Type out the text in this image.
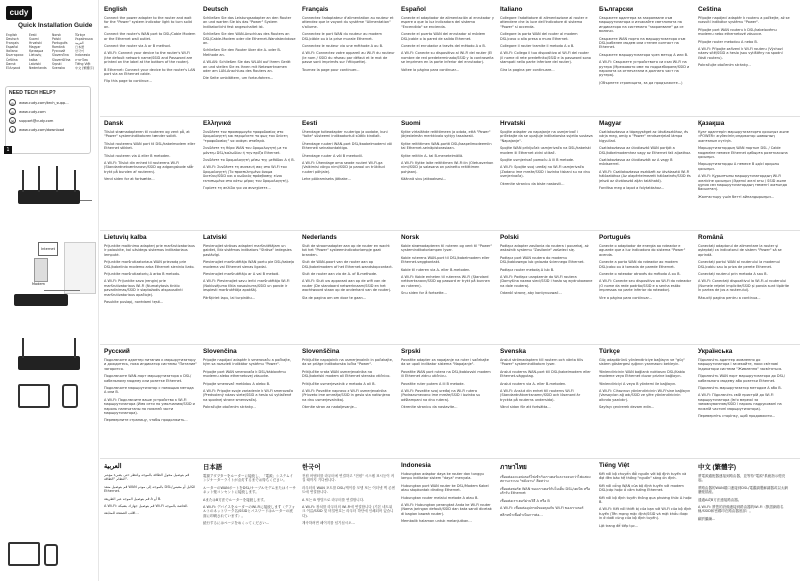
cudy
Quick Installation Guide
English
Deutsch
Français
Español
Italiano
Български
Čeština
Dansk
Ελληνικά
Eesti
Suomi
Hrvatski
Magyar
Қазақша
Lietuvių kalba
Latviski
Nederlands
Norsk
Polski
Português
Română
Русский
Slovenčina
Slovenščina
Srpski
Svenska
Türkçe
Українська
العربية
日本語
한국어
Indonesia
ภาษาไทย
Tiếng Việt
中文 (繁體字)
NEED TECH HELP?
◎	www.cudy.com/tech_supp...
◎	www.cudy.com
✉	support@cudy.com
↓	www.cudy.com/download
1
Internet
Modem
English

Connect the power adapter to the router and wait for the "Power" system indicator light to turn solid on.

Connect the router's WAN port to DSL/Cable Modem or the Ethernet wall outlet.

Connect the router via A or B method.

A Wi-Fi: Connect your device to the router's Wi-Fi (the default network name/SSID and Password are printed on the label at the bottom of the router).

B Ethernet: Connect your device to the router's LAN port via an Ethernet cable.

Flip this page to continue...

Deutsch

Schließen Sie das Leistungsadapter an den Router an und warten Sie bis das "Power" System Indikatorlicht fest angeschaltet ist.

Schließen Sie den WAN-Anschluss des Routers an DSL/Cable-Modem oder die Ethernet-Wandsteckdose an.

Schließen Sie den Router über die A- oder B-Methode an.

A WLAN: Schließen Sie das WLAN auf Ihrem Gerät an und stellen Sie es Ihnen mit Netzwerknamen oder am LAN-Anschluss des Routers an.

Die Seite umblättern, um fortzufahren...

Français

Connectez l'adaptateur d'alimentation au routeur et attendez que le voyant du système "Alimentation" s'allume.

Connectez le port WAN du routeur au modem DSL/câble ou à la prise murale Ethernet.

Connectez le routeur via une méthode A ou B.

A Wi-Fi: Connectez votre appareil au Wi-Fi du routeur (le nom / SSID du réseau par défaut et le mot de passe sont imprimés sur l'étiquette).

Tournez la page pour continuer...

Español

Conecte el adaptador de alimentación al enrutador y espere a que la luz indicadora del sistema "Encendido" se encienda.

Conecte el puerto WAN del enrutador al módem DSL/cable o la pared de salida Ethernet.

Conecte el enrutador a través del método A o B.

A Wi-Fi: Conecte su dispositivo al Wi-Fi del router (El nombre de red predeterminado/SSID y la contraseña se imprimen en la parte inferior del enrutador).

Voltee la página para continuar...

Italiano

Collegare l'adattatore di alimentazione al router e attendere che la luce dell'indicatore di sistema "Power" si accenda.

Collegare la porta WAN del router al modem DSL/cavo o alla presa a muro Ethernet.

Collegare il router tramite il metodo A o B.

A Wi-Fi: Collega il tuo dispositivo al Wi-Fi del router (il nome di rete predefinito/SSID e la password sono stampati nella parte inferiore del router).

Gira la pagina per continuare...

Български

Свържете адаптера за захранване към маршрутизатора и изчакайте светлината на индикатора на системата "захранване" да се включи.

Свържете WAN порта на маршрутизатора към DSL/кабелен модем или стенен контакт на Ethernet.

Свържете маршрутизатора чрез метод A или B.

A Wi-Fi: Свържете устройството си към Wi-Fi на рутера (Мрежовото име по подразбиране/SSID и паролата са отпечатани в долната част на рутера).

(Обърнете страницата, за да продължите...)

Čeština

Připojte napájecí adaptér k routeru a počkejte, až se rozsvítí indikátor systému "Power".

Připojte port WAN routeru k DSL/kabelovému modemu nebo ethernetové zásuvce.

Připojte router metodou A nebo B.

A Wi-Fi: Připojte zařízení k Wi-Fi routeru (Výchozí název sítě/SSID a heslo jsou vytištěny na spodní části routeru).

Pokračujte otočením stránky...

Dansk

Tilslut strømadapteren til routeren og vent på, at "Power" systemindikatoren tænder solidt.

Tilslut routerens WAN port til DSL/kabelmodem eller Ethernet stikket.

Tilslut routeren via A eller B metoden.

A Wi-Fi: Tilslut din enhed til routerens Wi-Fi (Standardnetværksnavn/SSID og adgangskode står trykt på bunden af routeren).

Vend siden for at fortsætte...

Ελληνικά

Συνδέστε τον προσαρμογέα τροφοδοσίας στο δρομολογητή και περιμένετε το φως του δείκτη "τροφοδοσίας" να ανάψει σταθερά.

Συνδέστε τη θύρα WAN του δρομολογητή με το μόντεμ DSL/καλωδίου ή την πρίζα Ethernet.

Συνδέστε το δρομολογητή μέσω της μεθόδου A ή B.

A Wi-Fi: Συνδέστε τη συσκευή σας στο Wi-Fi του δρομολογητή (Το προεπιλεγμένο όνομα δικτύου/SSID και ο κωδικός πρόσβασης είναι εκτυπωμένα στο κάτω μέρος του δρομολογητή).

Γυρίστε τη σελίδα για να συνεχίσετε...

Eesti

Ühendage toiteadapter ruuteriga ja oodake, kuni "toite" süsteemi indikaatortuli süttib kindlalt.

Ühendage ruuteri WAN-port DSL/kaabelmodemi või Etherneti seinakontaktiga.

Ühendage ruuter A või B meetodil.

A Wi-Fi: Ühendage oma seade ruuteri Wi-Fi-ga (Vaikimisi võrgu nimi/SSID ja parool on trükitud ruuteri põhjale).

Lehe pööramiseks jätkake...

Suomi

Kytke virtalähde reitittimeen ja odota, että "Power" järjestelmän merkkivalo syttyy tasaisesti.

Kytke reitittimen WAN-portti DSL/kaapelimodeemiin tai Ethernet-seinäpistorasiaan.

Kytke reititin A- tai B-menetelmällä.

A Wi-Fi: Kytke laite reitittimen Wi-Fi:iin (Oletusverkon nimi/SSID ja salasana on painettu reitittimen pohjaan).

Käännä sivu jatkaaksesi...

Hrvatski

Spojite adapter za napajanje na usmjerivač i pričekajte da se upaljuje indikatorska svjetla sustava "Napajanje".

Spojite WAN priključak usmjerivača na DSL/kabelski modem ili Ethernet zidni utikač.

Spojite usmjerivač pomoću A ili B metode.

A Wi-Fi: Spojite svoj uređaj na Wi-Fi usmjerivača (Zadano ime mreže/SSID i lozinka tiskani su na dnu usmjerivača).

Okrenite stranicu da biste nastavili...

Magyar

Csatlakoztassa a tápegységet az útválasztóhoz, és várja meg, amíg a "Power" rendszerjelző lámpa kigyullad.

Csatlakoztassa az útválasztó WAN portját a DSL/kábelmodemhez vagy az Ethernet fali aljzathoz.

Csatlakoztassa az útválasztót az A vagy B módszerrel.

A Wi-Fi: Csatlakoztassa eszközét az útválasztó Wi-Fi hálózatához (Az alapértelmezett hálózatnév/SSID és jelszó az útválasztó alján található).

Fordítsa meg a lapot a folytatáshoz...

Қазақша

Қуат адаптерін маршрутизаторға қосыңыз және «POWER» жүйесінің индикатор шамының жанғанын күтіңіз.

Маршрутизатордың WAN портын DSL / Cable модеміне немесе Ethernet қабырға розеткасына қосыңыз.

Маршрутизаторды A немесе B әдісі арқылы қосыңыз.

A Wi-Fi: Құрылғыны маршрутизатордың Wi-Fi желісіне қосыңыз (Әдепкі желі аты / SSID және құпия сөз маршрутизатордың төменгі жағында басылған).

Жалғастыру үшін бетті айналдырыңыз...

Lietuvių kalba

Prijunkite maitinimo adapterį prie maršrutizatoriaus ir palaukite, kol užsidegs sistemos indikatoriaus lemputė.

Prijunkite maršrutizatoriaus WAN prievadą prie DSL/kabelinio modemo arba Ethernet sieninio lizdo.

Prijunkite maršrutizatorių A arba B metodu.

A Wi-Fi: Prijunkite savo įrenginį prie maršrutizatoriaus Wi-Fi (Numatytasis tinklo pavadinimas/SSID ir slaptažodis atspausdinti maršrutizatoriaus apačioje).

Pasukite puslapį, norėdami tęsti...

Latviski

Pievienojiet strāvas adapteri maršrutētājam un gaidiet, līdz sistēmas indikators "Strāva" iedegsies pastāvīgi.

Pievienojiet maršrutētāja WAN portu pie DSL/kabeļa modema vai Ethernet sienas ligzdai.

Pievienojiet maršrutētāju ar A vai B metodi.

A Wi-Fi: Pievienojiet savu ierīci maršrutētāja Wi-Fi (Noklusējuma tīkla nosaukums/SSID un parole ir iespiesti maršrutētāja apakšā).

Pāršķiriet lapu, lai turpinātu...

Nederlands

Sluit de stroomadapter aan op de router en wacht tot het "Power" systeemindicatorlampje gaat branden.

Sluit de WAN-poort van de router aan op DSL/kabelmodem of het Ethernet-wandstopcontact.

Sluit de router aan via de A- of B-methode.

A Wi-Fi: Sluit uw apparaat aan op de wifi van de router (De standaard netwerknaam/SSID en het wachtwoord staan op de onderkant van de router).

Sla de pagina om om door te gaan...

Norsk

Koble strømadapteren til ruteren og vent til "Power" systemindikatorlampen lyser.

Koble ruterens WAN-port til DSL/kabelmodem eller Ethernet-veggkontakt.

Koble til ruteren via A- eller B-metoden.

A Wi-Fi: Koble enheten til ruterens Wi-Fi (Standard nettverksnavn/SSID og passord er trykt på bunnen av ruteren).

Snu siden for å fortsette...

Polski

Podłącz adapter zasilania do routera i poczekaj, aż wskaźnik systemu "Zasilanie" zaświeci się.

Podłącz port WAN routera do modemu DSL/kablowego lub gniazda ściennego Ethernet.

Podłącz router metodą A lub B.

A Wi-Fi: Podłącz urządzenie do Wi-Fi routera (Domyślna nazwa sieci/SSID i hasło są wydrukowane na dole routera).

Odwróć stronę, aby kontynuować...

Português

Conecte o adaptador de energia ao roteador e aguarde que a luz indicadora do sistema "Power" acenda.

Conecte a porta WAN do roteador ao modem DSL/cabo ou à tomada de parede Ethernet.

Conecte o roteador através do método A ou B.

A Wi-Fi: Conecte seu dispositivo ao Wi-Fi do roteador (O nome da rede padrão/SSID e a senha estão impressos na parte inferior do roteador).

Vire a página para continuar...

Română

Conectați adaptorul de alimentare la router și așteptați ca indicatorul de sistem "Power" să se aprindă.

Conectați portul WAN al routerului la modemul DSL/cablu sau la priza de perete Ethernet.

Conectați routerul prin metoda A sau B.

A Wi-Fi: Conectați dispozitivul la Wi-Fi-ul routerului (Numele rețelei implicite/SSID și parola sunt tipărite în partea de jos a routerului).

Răsuciți pagina pentru a continua...

Русский

Подключите адаптер питания к маршрутизатору и дождитесь, пока индикатор системы "Питание" загорится.

Подключите WAN-порт маршрутизатора к DSL/кабельному модему или розетке Ethernet.

Подключите маршрутизатор с помощью метода A или B.

A Wi-Fi: Подключите ваше устройство к Wi-Fi маршрутизатора (Имя сети по умолчанию/SSID и пароль напечатаны на нижней части маршрутизатора).

Переверните страницу, чтобы продолжить...

Slovenčina

Pripojte napájací adaptér k smerovaču a počkajte, kým sa rozsvieti indikátor systému "Power".

Pripojte port WAN smerovača k DSL/káblovému modemu alebo ethernetovej zásuvke.

Pripojte smerovač metódou A alebo B.

A Wi-Fi: Pripojte svoje zariadenie k Wi-Fi smerovača (Predvolený názov siete/SSID a heslo sú vytlačené na spodnej strane smerovača).

Pokračujte otočením stránky...

Slovenščina

Priključite napajalnik na usmerjevalnik in počakajte, da se prižge indikatorska lučka "Power".

Priključite vrata WAN usmerjevalnika na DSL/kabelski modem ali Ethernet stensko vtičnico.

Priključite usmerjevalnik z metodo A ali B.

A Wi-Fi: Povežite napravo z Wi-Fi usmerjevalnika (Privzeto ime omrežja/SSID in geslo sta natisnjena na dnu usmerjevalnika).

Obrnite stran za nadaljevanje...

Srpski

Povežite adapter za napajanje na ruter i sačekajte da se upali indikator sistema "Napajanje".

Povežite WAN port rutera na DSL/kablovski modem ili Ethernet zidnu utičnicu.

Povežite ruter putem A ili B metode.

A Wi-Fi: Povežite svoj uređaj na Wi-Fi rutera (Podrazumevano ime mreže/SSID i lozinka su odštampani na dnu rutera).

Okrenite stranicu da nastavite...

Svenska

Anslut strömadaptern till routern och vänta tills "Power" systemindikatorn lyser.

Anslut routerns WAN-port till DSL/kabelmodem eller Ethernet-väggutag.

Anslut routern via A- eller B-metoden.

A Wi-Fi: Anslut din enhet till routerns Wi-Fi (Standardnätverksnamn/SSID och lösenord är tryckta på routerns undersida).

Vänd sidan för att fortsätta...

Türkçe

Güç adaptörünü yönlendiriciye bağlayın ve "güç" sistem göstergesi ışığının yanmasını bekleyin.

Yönlendiricinin WAN bağlantı noktasını DSL/Kablo modeme veya Ethernet duvar prizine bağlayın.

Yönlendiriciyi A veya B yöntemi ile bağlayın.

A Wi-Fi: Cihazınızı yönlendiricinin Wi-Fi'sine bağlayın (Varsayılan ağ adı/SSID ve şifre yönlendiricinin altında yazılıdır).

Sayfayı çevirerek devam edin...

Українська

Підключіть адаптер живлення до маршрутизатора і зачекайте, поки світлові індикатори системи "Живлення" засвітяться.

Підключіть WAN порт маршрутизатора до DSL/кабельного модему або розетки Ethernet.

Підключіть маршрутизатор методом A або B.

A Wi-Fi: Підключіть свій пристрій до Wi-Fi маршрутизатора (Ім'я мережі за замовчуванням/SSID і пароль надруковані на нижній частині маршрутизатора).

Переверніть сторінку, щоб продовжити...

العربية

قم بتوصيل محول الطاقة بالموجه وانتظر حتى يضيء مؤشر النظام "الطاقة".

قم بتوصيل منفذ WAN بالموجه إلى مودم DSL/الكابل أو مقبس Ethernet.

قم بتوصيل الموجه عبر الطريقة A أو B.

A Wi-Fi: قم بتوصيل جهازك بشبكة Wi-Fi الخاصة بالموجه.

اقلب الصفحة للمتابعة...

日本語

電源アダプターをルーターに接続し、「電源」システムインジケーターライトが点灯するまでお待ちください。

ルーターのWANポートをDSL/ケーブルモデムまたはイーサネット壁コンセントに接続します。

AまたはB方法でルーターを接続します。

A Wi-Fi: デバイスをルーターのWi-Fiに接続します（デフォルトのネットワーク名/SSIDとパスワードはルーターの底面に印刷されています）。

続行するにはページをめくってください...

한국어

전원 어댑터를 라우터에 연결하고 "전원" 시스템 표시등이 켜질 때까지 기다립니다.

라우터의 WAN 포트를 DSL/케이블 모뎀 또는 이더넷 벽 콘센트에 연결합니다.

A 또는 B 방법으로 라우터를 연결합니다.

A Wi-Fi: 장치를 라우터의 Wi-Fi에 연결합니다 (기본 네트워크 이름/SSID 및 비밀번호는 라우터 하단에 인쇄되어 있습니다).

계속하려면 페이지를 넘기십시오...

Indonesia

Hubungkan adaptor daya ke router dan tunggu lampu indikator sistem "daya" menyala.

Hubungkan port WAN router ke DSL/Modem Kabel atau stopkontak dinding Ethernet.

Hubungkan router melalui metode A atau B.

A Wi-Fi: Hubungkan perangkat Anda ke Wi-Fi router (Nama jaringan default/SSID dan kata sandi dicetak di bagian bawah router).

Membalik halaman untuk melanjutkan...

ภาษาไทย

เชื่อมต่ออะแดปเตอร์ไฟเข้ากับเราเตอร์และรอจนกว่าไฟแสดงสถานะระบบ "พลังงาน" ติดสว่าง

เชื่อมต่อพอร์ต WAN ของเราเตอร์กับโมเด็ม DSL/เคเบิล หรือเต้ารับ Ethernet

เชื่อมต่อเราเตอร์ผ่านวิธี A หรือ B

A Wi-Fi: เชื่อมต่ออุปกรณ์ของคุณกับ Wi-Fi ของเราเตอร์

พลิกหน้าเพื่อดำเนินการต่อ...

Tiếng Việt

Kết nối bộ chuyển đổi nguồn với bộ định tuyến và đợi đèn báo hệ thống "nguồn" sáng ổn định.

Kết nối cổng WAN của bộ định tuyến với modem DSL/cáp hoặc ổ cắm tường Ethernet.

Kết nối bộ định tuyến thông qua phương thức A hoặc B.

A Wi-Fi: Kết nối thiết bị của bạn với Wi-Fi của bộ định tuyến (Tên mạng mặc định/SSID và mật khẩu được in ở dưới cùng của bộ định tuyến).

Lật trang để tiếp tục...

中文 (繁體字)

將電源適配器連接到路由器，並等待"電源"系統指示燈亮起。

將路由器的WAN端口連接到DSL/電纜調製解調器或以太網牆壁插座。

通過A或B方法連接路由器。

A Wi-Fi: 將您的設備連接到路由器的Wi-Fi（默認網絡名稱/SSID和密碼印在路由器底部）。

翻頁繼續...
